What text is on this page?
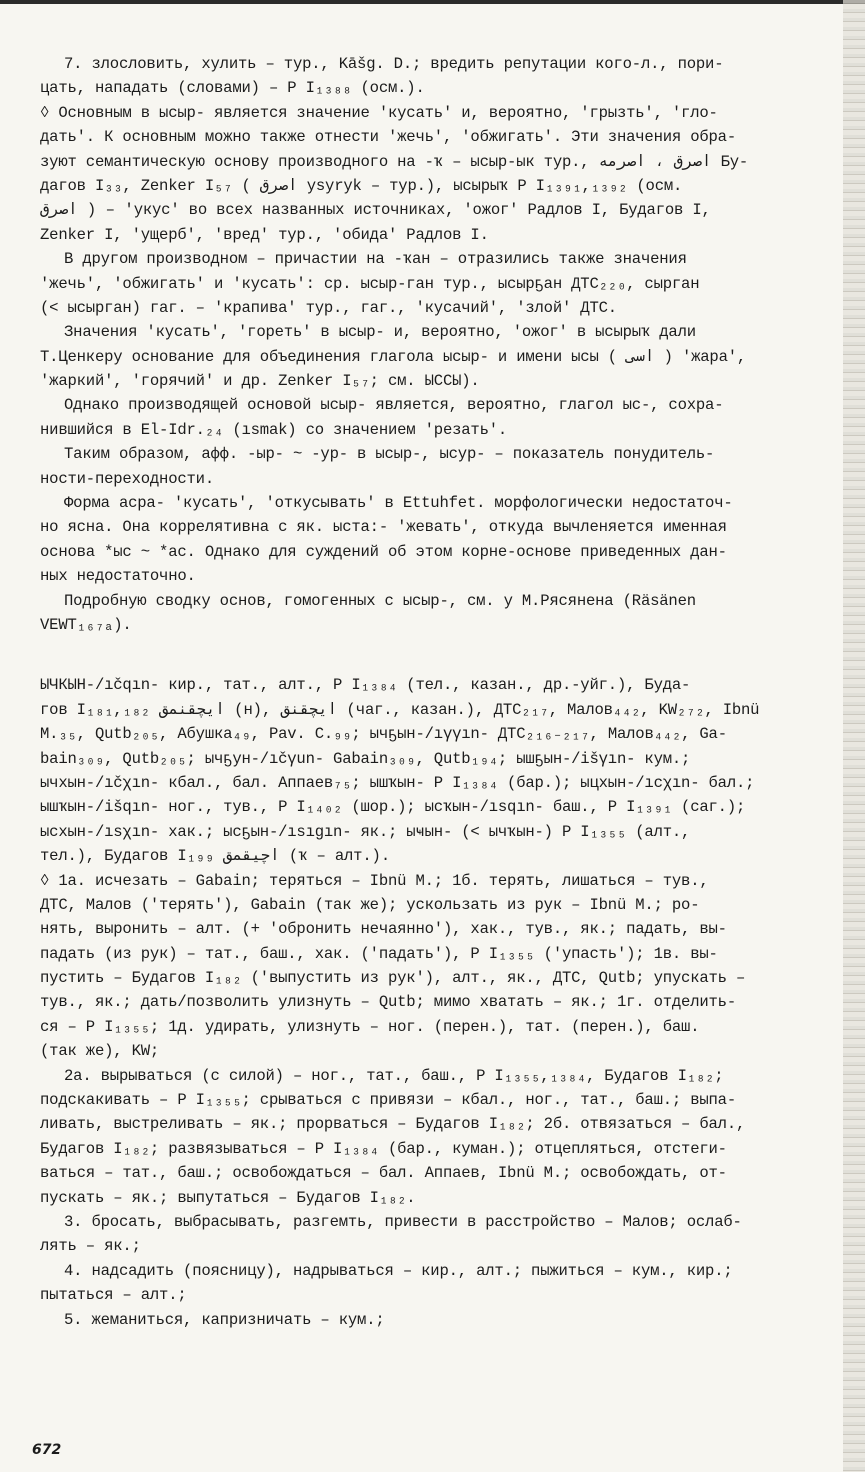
7. злословить, хулить – тур., Kāšg. D.; вредить репутации кого-л., пори-
цать, нападать (словами) – Р I₁₃₈₈ (осм.).
◊ Основным в ысыр- является значение 'кусать' и, вероятно, 'грызть', 'гло-
дать'. К основным можно также отнести 'жечь', 'обжигать'. Эти значения обра-
зуют семантическую основу производного на -ҡ – ысыр-ык тур., اصرق ، اصرمه Бу-
дагов I₃₃, Zenker I₅₇ ( اصرق ysyryk – тур.), ысырыҡ Р I₁₃₉₁,₁₃₉₂ (осм.
اصرق ) – 'укус' во всех названных источниках, 'ожог' Радлов I, Будагов I,
Zenker I, 'ущерб', 'вред' тур., 'обида' Радлов I.
В другом производном – причастии на -ҡан – отразились также значения
'жечь', 'обжигать' и 'кусать': ср. ысыр-ган тур., ысырҕан ДТС₂₂₀, сырган
(< ысырган) гаг. – 'крапива' тур., гаг., 'кусачий', 'злой' ДТС.
Значения 'кусать', 'гореть' в ысыр- и, вероятно, 'ожог' в ысырыҡ дали
Т.Ценкеру основание для объединения глагола ысыр- и имени ысы ( اسى ) 'жара',
'жаркий', 'горячий' и др. Zenker I₅₇; см. ЫССЫ).
Однако производящей основой ысыр- является, вероятно, глагол ыс-, сохра-
нившийся в El-Idr.₂₄ (ısmak) со значением 'резать'.
Таким образом, афф. -ыр- ~ -ур- в ысыр-, ысур- – показатель понудитель-
ности-переходности.
Форма асра- 'кусать', 'откусывать' в Ettuhfet. морфологически недостаточ-
но ясна. Она коррелятивна с як. ыста:- 'жевать', откуда вычленяется именная
основа *ыс ~ *ас. Однако для суждений об этом корне-основе приведенных дан-
ных недостаточно.
Подробную сводку основ, гомогенных с ысыр-, см. у М.Рясянена (Räsänen
VEWT₁₆₇ₐ).
ЫЧКЫН-/ıčqın- кир., тат., алт., Р I₁₃₈₄ (тел., казан., др.-уйг.), Буда-
гов I₁₈₁,₁₈₂ ايچقنمق (н), ايچقنق (чаг., казан.), ДТС₂₁₇, Малов₄₄₂, KW₂₇₂, Ibnü
M.₃₅, Qutb₂₀₅, Абушка₄₉, Pav. C.₉₉; ычҕын-/ıγγın- ДТС₂₁₆₋₂₁₇, Малов₄₄₂, Ga-
bain₃₀₉, Qutb₂₀₅; ычҕун-/ıčγun- Gabain₃₀₉, Qutb₁₉₄; ышҕын-/išγın- кум.;
ычхын-/ıčχın- кбал., бал. Аппаев₇₅; ышҡын- Р I₁₃₈₄ (бар.); ыцхын-/ıcχın- бал.;
ышҡын-/išqın- ног., тув., Р I₁₄₀₂ (шор.); ысҡын-/ısqın- баш., Р I₁₃₉₁ (саг.);
ысхын-/ısχın- хак.; ысҕын-/ısıgın- як.; ыҹын- (< ычҡын-) Р I₁₃₅₅ (алт.,
тел.), Будагов I₁₉₉ اچيقمق (ҡ – алт.).
◊ 1а. исчезать – Gabain; теряться – Ibnü M.; 1б. терять, лишаться – тув.,
ДТС, Малов ('терять'), Gabain (так же); ускользать из рук – Ibnü M.; ро-
нять, выронить – алт. (+ 'обронить нечаянно'), хак., тув., як.; падать, вы-
падать (из рук) – тат., баш., хак. ('падать'), Р I₁₃₅₅ ('упасть'); 1в. вы-
пустить – Будагов I₁₈₂ ('выпустить из рук'), алт., як., ДТС, Qutb; упускать –
тув., як.; дать/позволить улизнуть – Qutb; мимо хватать – як.; 1г. отделить-
ся – Р I₁₃₅₅; 1д. удирать, улизнуть – ног. (перен.), тат. (перен.), баш.
(так же), KW;
2а. вырываться (с силой) – ног., тат., баш., Р I₁₃₅₅,₁₃₈₄, Будагов I₁₈₂;
подскакивать – Р I₁₃₅₅; срываться с привязи – кбал., ног., тат., баш.; выпа-
ливать, выстреливать – як.; прорваться – Будагов I₁₈₂; 2б. отвязаться – бал.,
Будагов I₁₈₂; развязываться – Р I₁₃₈₄ (бар., куман.); отцепляться, отстеги-
ваться – тат., баш.; освобождаться – бал. Аппаев, Ibnü M.; освобождать, от-
пускать – як.; выпутаться – Будагов I₁₈₂.
3. бросать, выбрасывать, разгемть, привести в расстройство – Малов; ослаб-
лять – як.;
4. надсадить (поясницу), надрываться – кир., алт.; пыжиться – кум., кир.;
пытаться – алт.;
5. жеманиться, капризничать – кум.;
672
